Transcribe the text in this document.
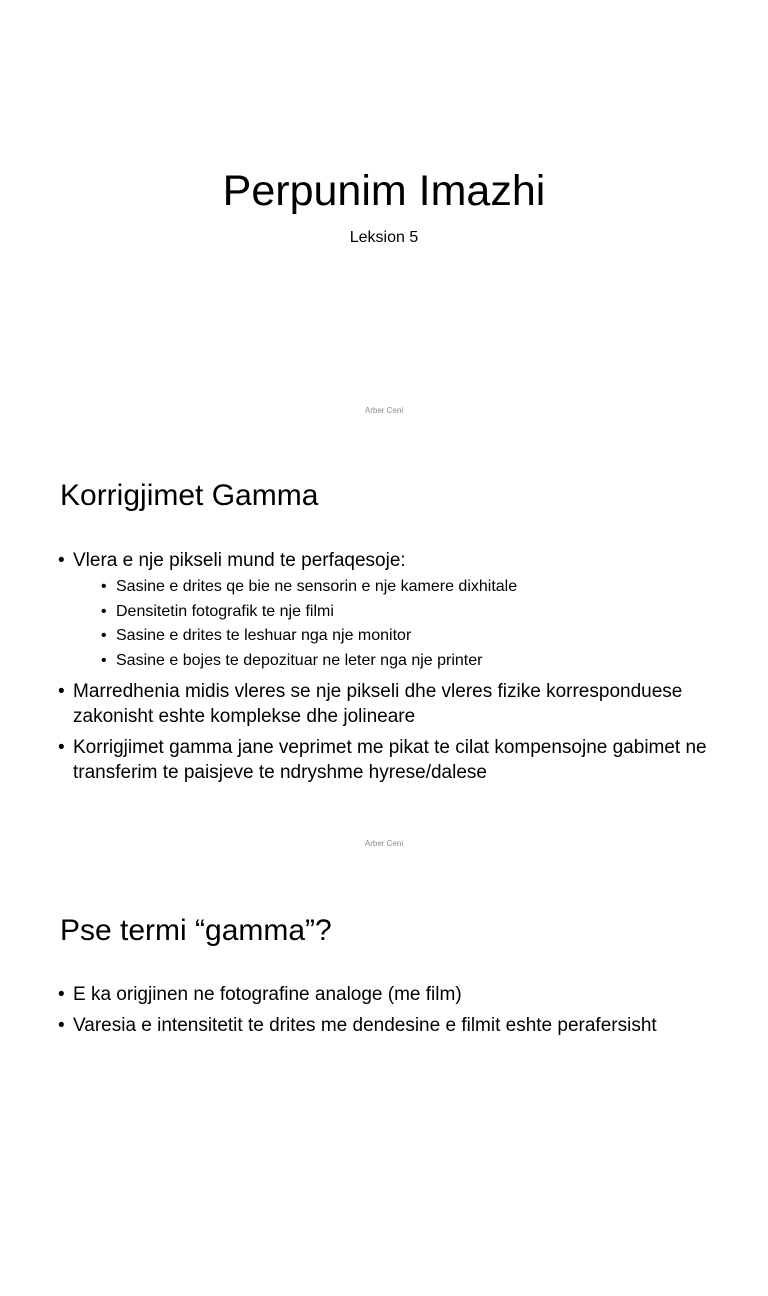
Perpunim Imazhi
Leksion 5
Arber Ceni
Korrigjimet Gamma
• Vlera e nje pikseli mund te perfaqesoje:
• Sasine e drites qe bie ne sensorin e nje kamere dixhitale
• Densitetin fotografik te nje filmi
• Sasine e drites te leshuar nga nje monitor
• Sasine e bojes te depozituar ne leter nga nje printer
• Marredhenia midis vleres se nje pikseli dhe vleres fizike korresponduese zakonisht eshte komplekse dhe jolineare
• Korrigjimet gamma jane veprimet me pikat te cilat kompensojne gabimet ne transferim te paisjeve te ndryshme hyrese/dalese
Arber Ceni
Pse termi “gamma”?
• E ka origjinen ne fotografine analoge (me film)
• Varesia e intensitetit te drites me dendesine e filmit eshte perafersisht
